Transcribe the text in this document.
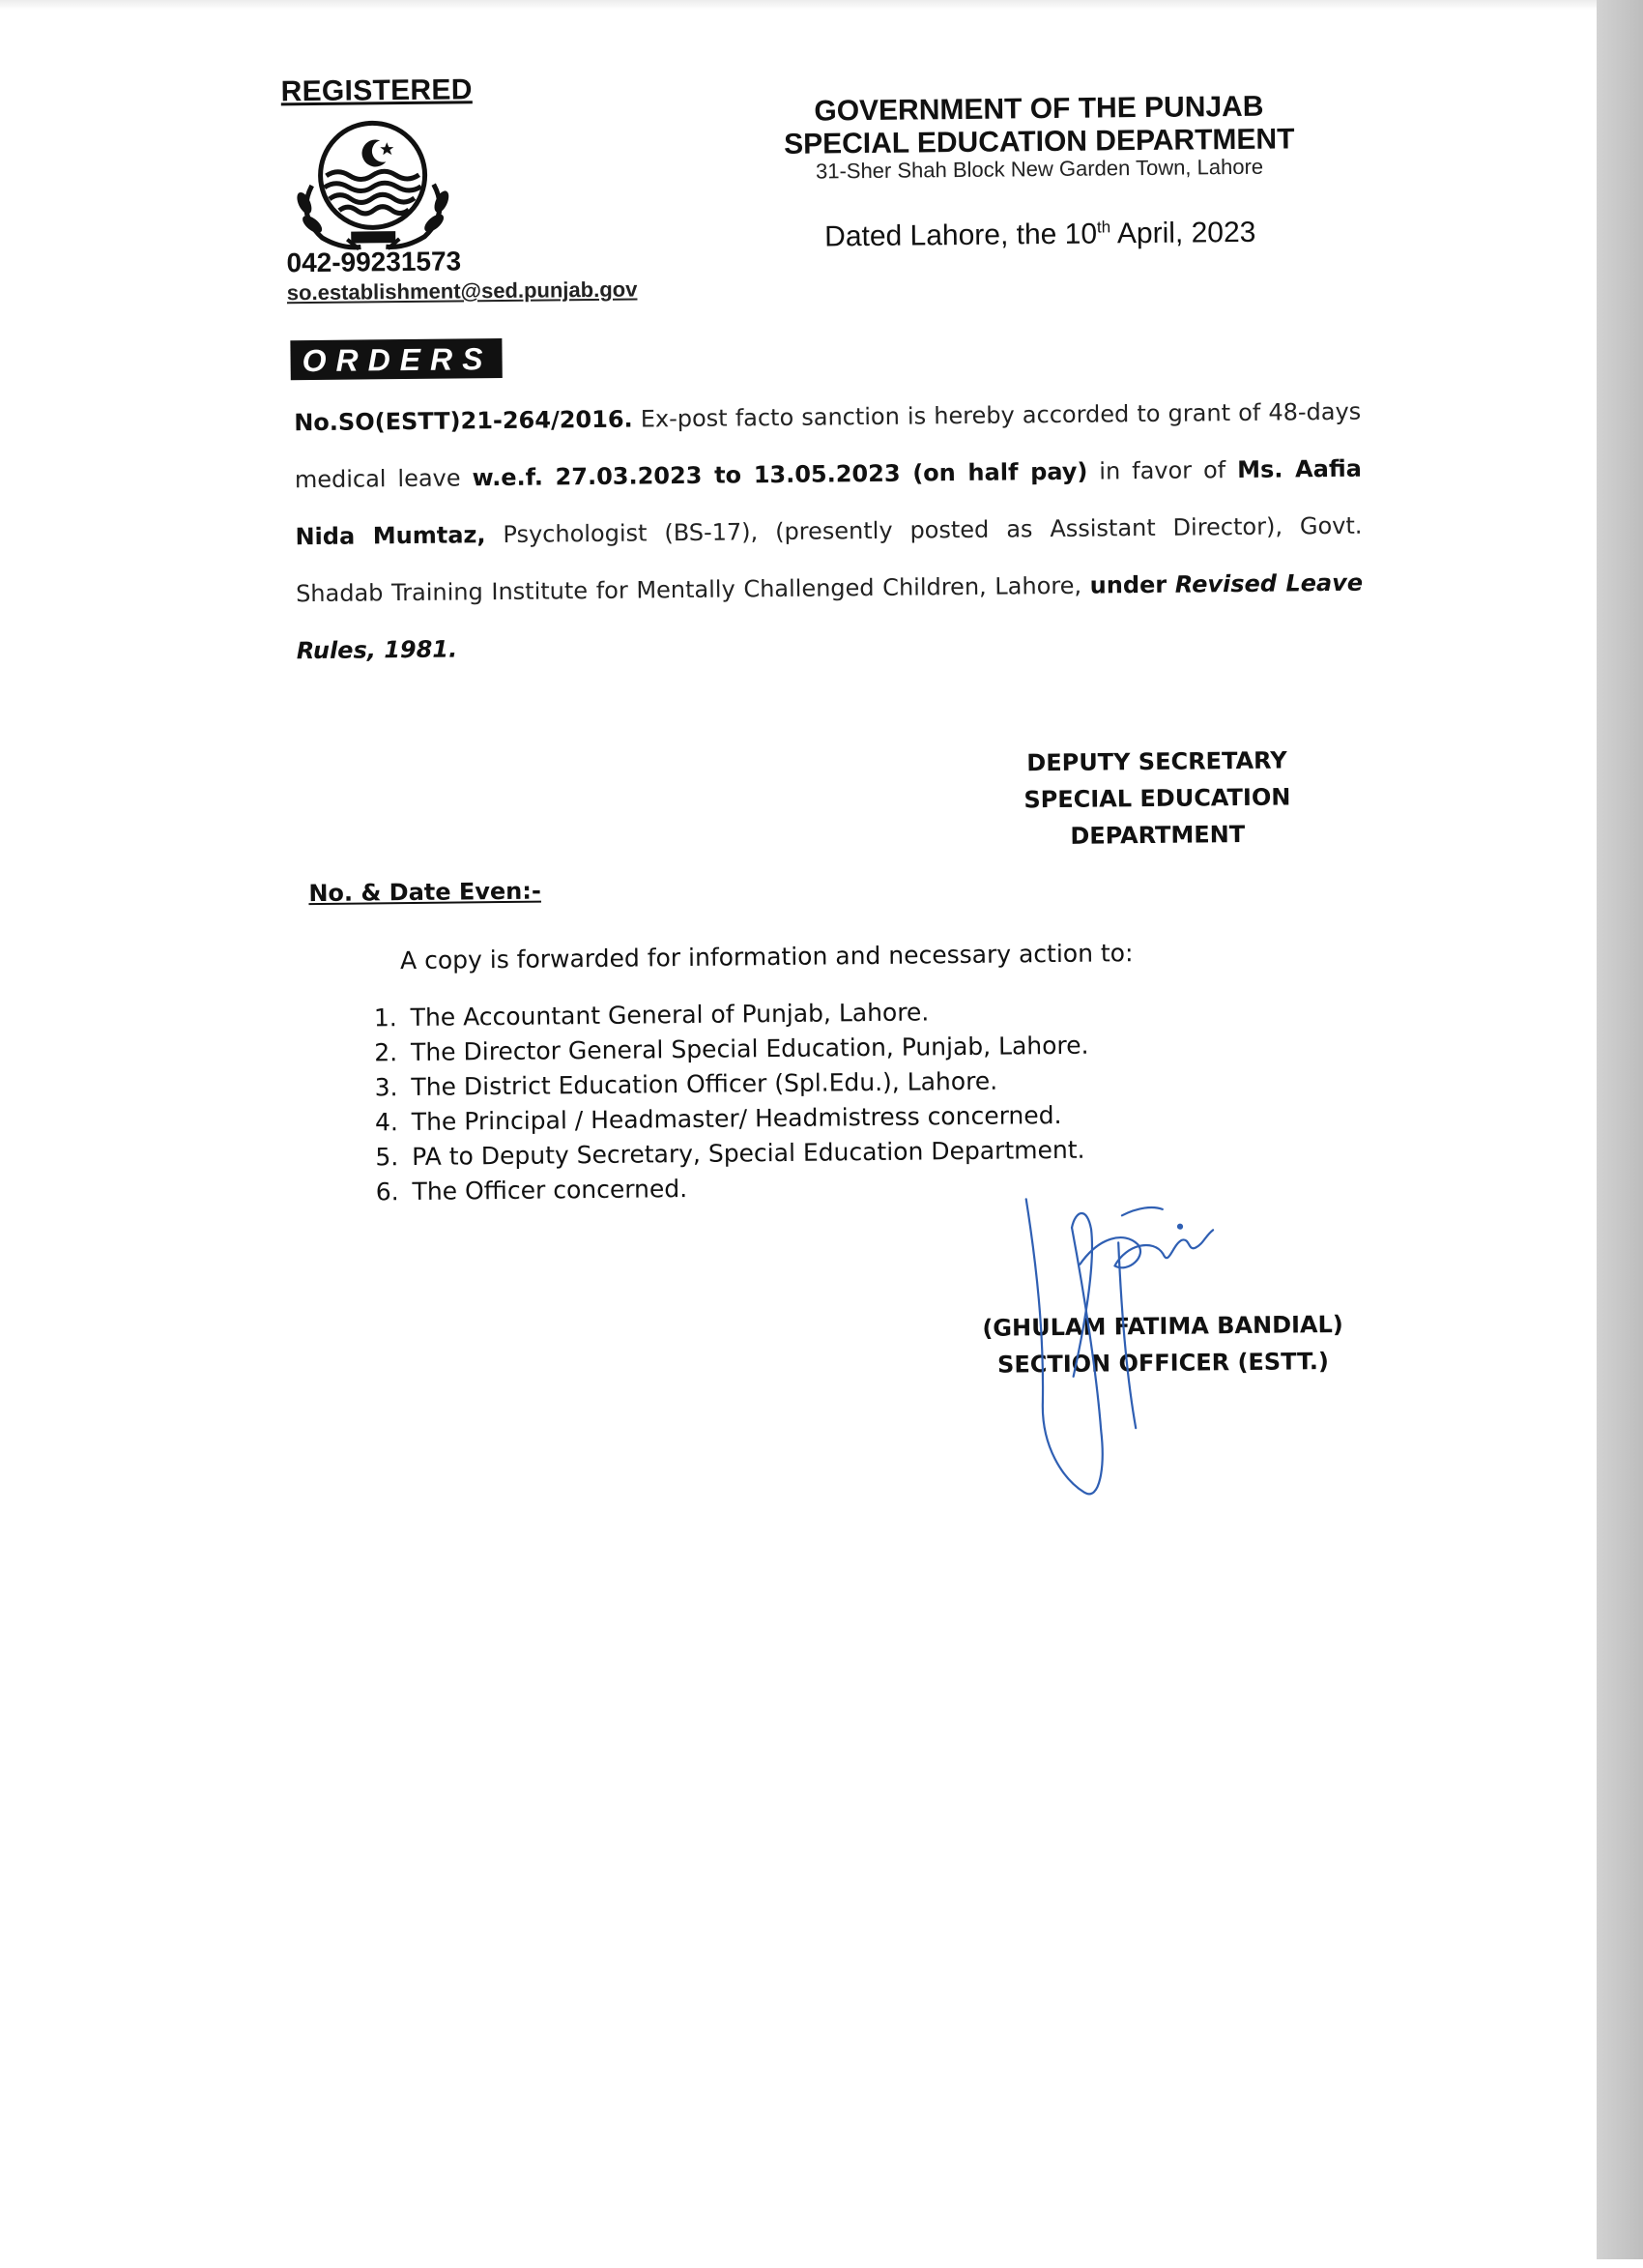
REGISTERED
042-99231573
so.establishment@sed.punjab.gov
GOVERNMENT OF THE PUNJAB
SPECIAL EDUCATION DEPARTMENT
31-Sher Shah Block New Garden Town, Lahore
Dated Lahore, the 10th April, 2023
ORDERS
No.SO(ESTT)21-264/2016. Ex-post facto sanction is hereby accorded to grant of 48-days medical leave w.e.f. 27.03.2023 to 13.05.2023 (on half pay) in favor of Ms. Aafia Nida Mumtaz, Psychologist (BS-17), (presently posted as Assistant Director), Govt. Shadab Training Institute for Mentally Challenged Children, Lahore, under Revised Leave Rules, 1981.
DEPUTY SECRETARY
SPECIAL EDUCATION
DEPARTMENT
No. & Date Even:-
A copy is forwarded for information and necessary action to:
1. The Accountant General of Punjab, Lahore.
2. The Director General Special Education, Punjab, Lahore.
3. The District Education Officer (Spl.Edu.), Lahore.
4. The Principal / Headmaster/ Headmistress concerned.
5. PA to Deputy Secretary, Special Education Department.
6. The Officer concerned.
(GHULAM FATIMA BANDIAL)
SECTION OFFICER (ESTT.)
